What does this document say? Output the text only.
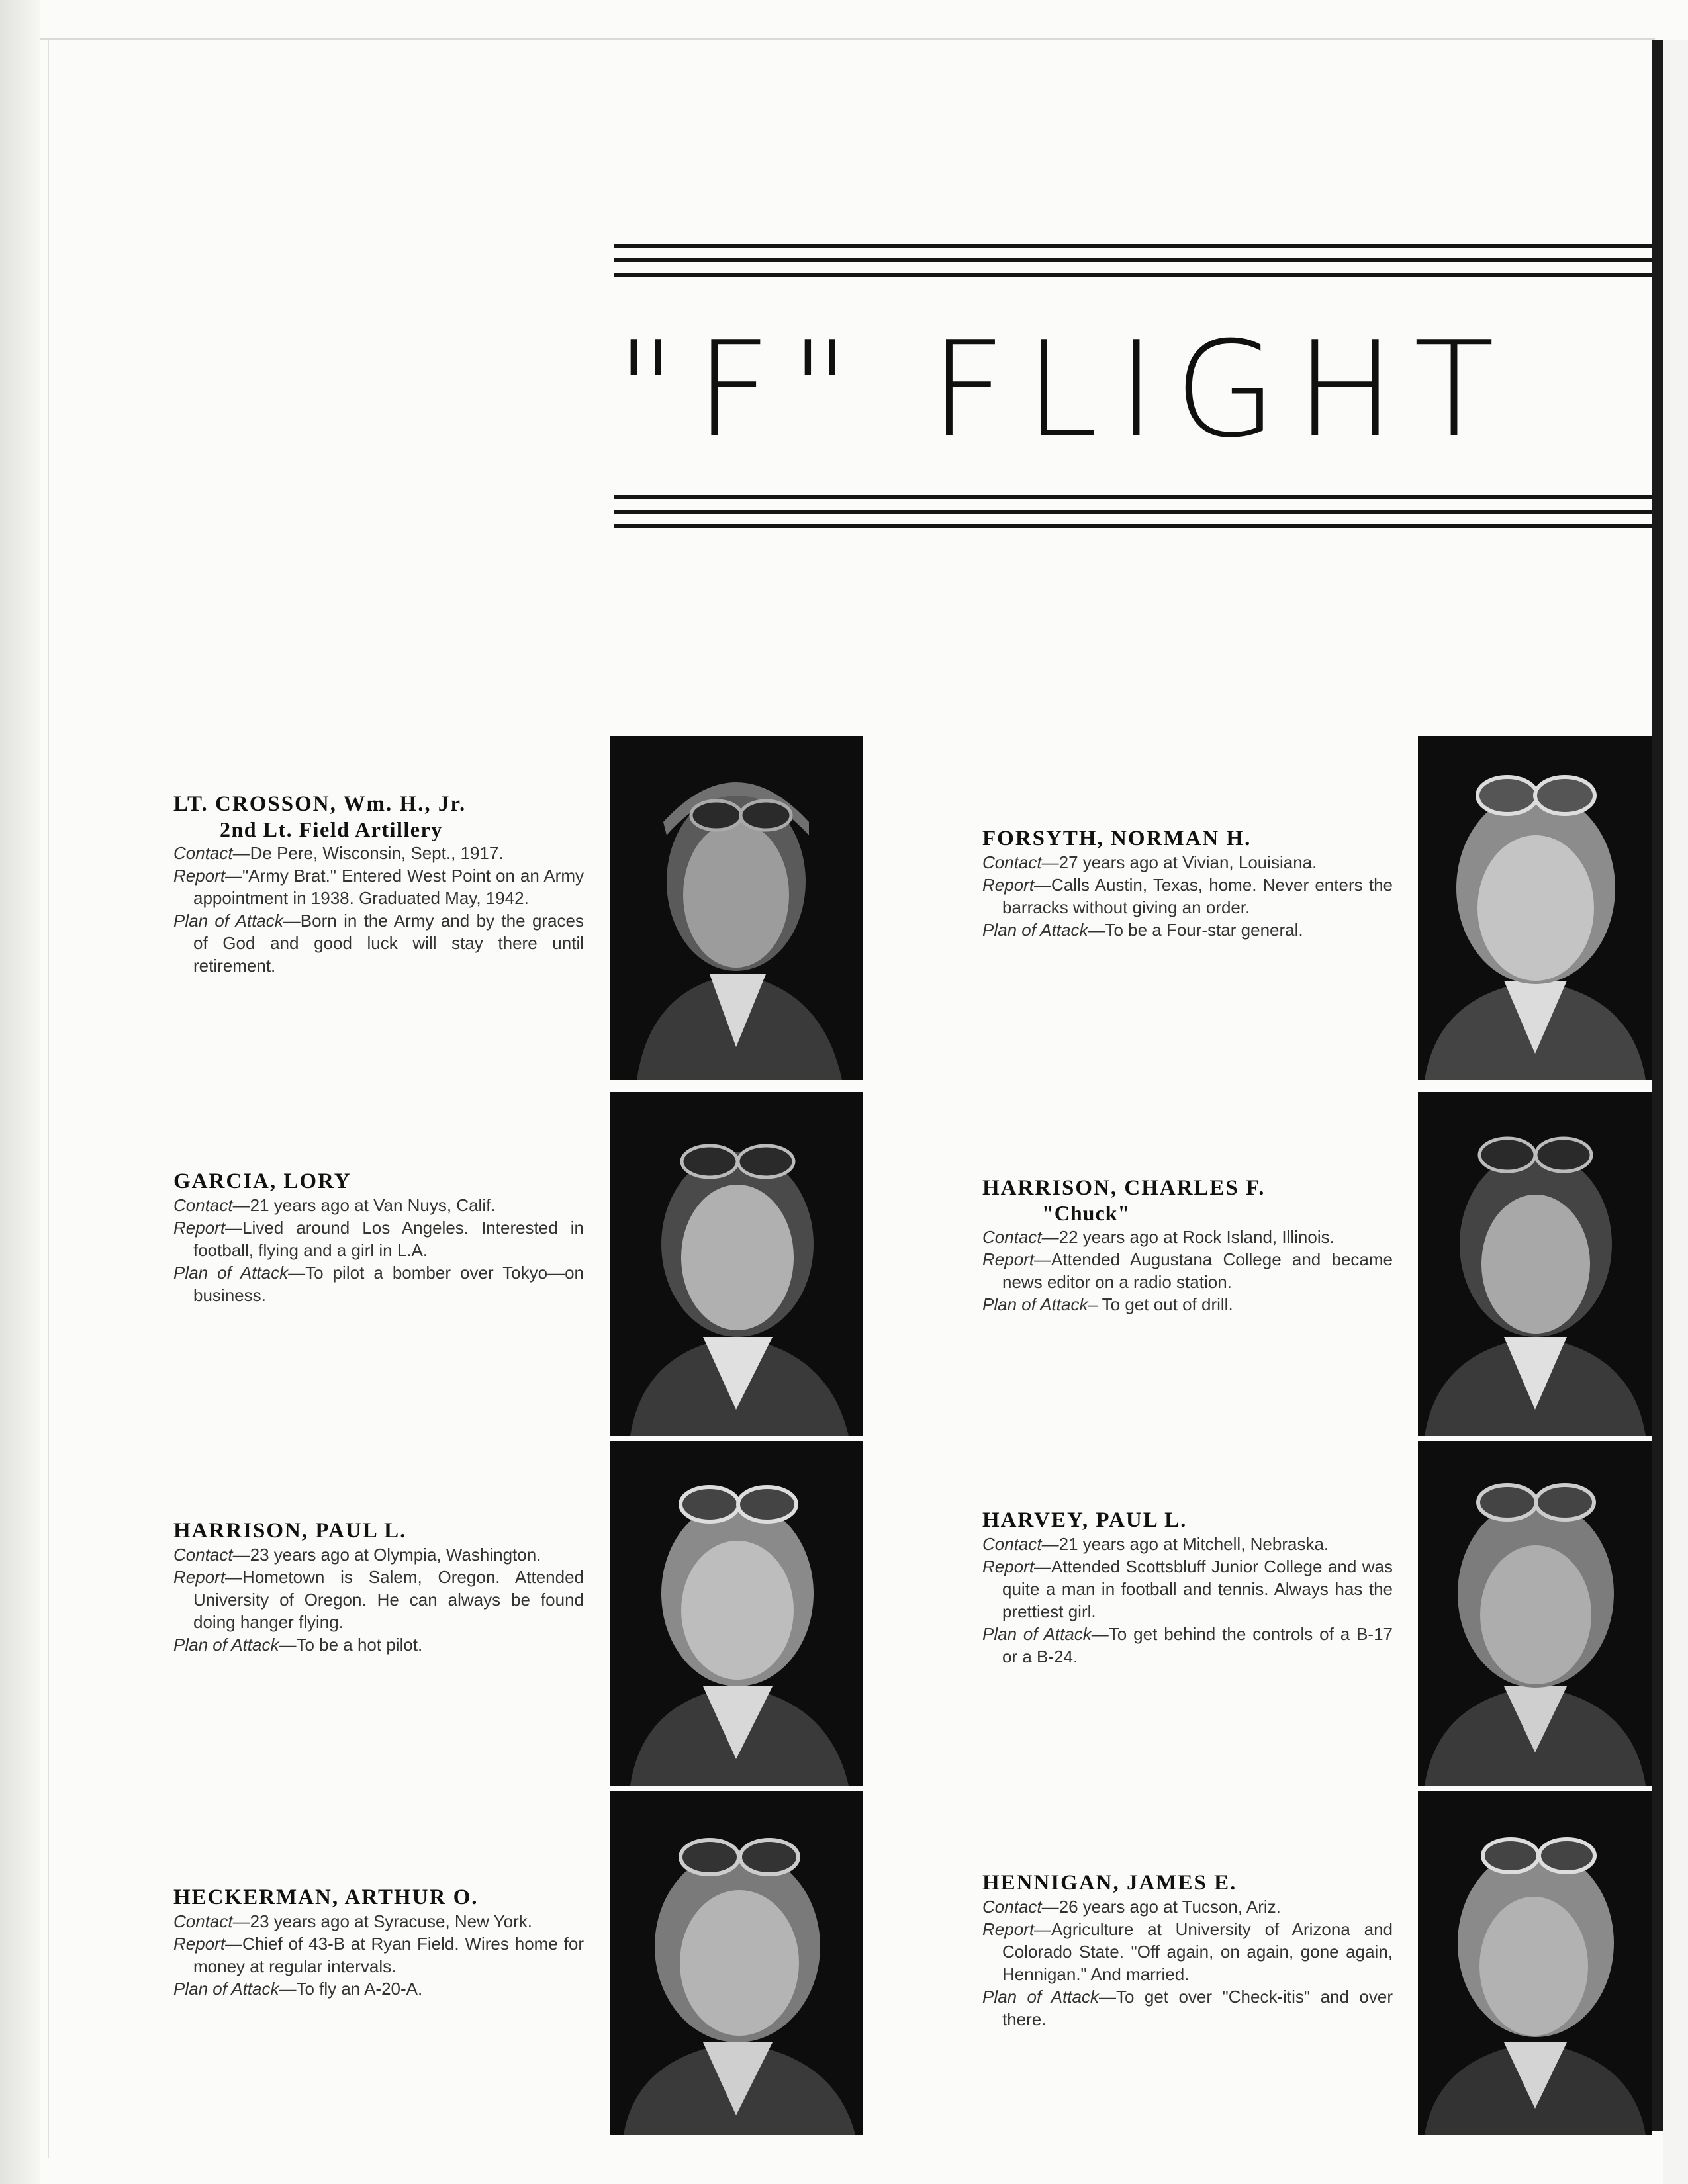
"F" FLIGHT
LT. CROSSON, Wm. H., Jr.
2nd Lt. Field Artillery
Contact—De Pere, Wisconsin, Sept., 1917.
Report—"Army Brat." Entered West Point on an Army appointment in 1938. Graduated May, 1942.
Plan of Attack—Born in the Army and by the graces of God and good luck will stay there until retirement.
GARCIA, LORY
Contact—21 years ago at Van Nuys, Calif.
Report—Lived around Los Angeles. Interested in football, flying and a girl in L.A.
Plan of Attack—To pilot a bomber over Tokyo—on business.
HARRISON, PAUL L.
Contact—23 years ago at Olympia, Washington.
Report—Hometown is Salem, Oregon. Attended University of Oregon. He can always be found doing hanger flying.
Plan of Attack—To be a hot pilot.
HECKERMAN, ARTHUR O.
Contact—23 years ago at Syracuse, New York.
Report—Chief of 43-B at Ryan Field. Wires home for money at regular intervals.
Plan of Attack—To fly an A-20-A.
FORSYTH, NORMAN H.
Contact—27 years ago at Vivian, Louisiana.
Report—Calls Austin, Texas, home. Never enters the barracks without giving an order.
Plan of Attack—To be a Four-star general.
HARRISON, CHARLES F.
"Chuck"
Contact—22 years ago at Rock Island, Illinois.
Report—Attended Augustana College and became news editor on a radio station.
Plan of Attack– To get out of drill.
HARVEY, PAUL L.
Contact—21 years ago at Mitchell, Nebraska.
Report—Attended Scottsbluff Junior College and was quite a man in football and tennis. Always has the prettiest girl.
Plan of Attack—To get behind the controls of a B-17 or a B-24.
HENNIGAN, JAMES E.
Contact—26 years ago at Tucson, Ariz.
Report—Agriculture at University of Arizona and Colorado State. "Off again, on again, gone again, Hennigan." And married.
Plan of Attack—To get over "Check-itis" and over there.
